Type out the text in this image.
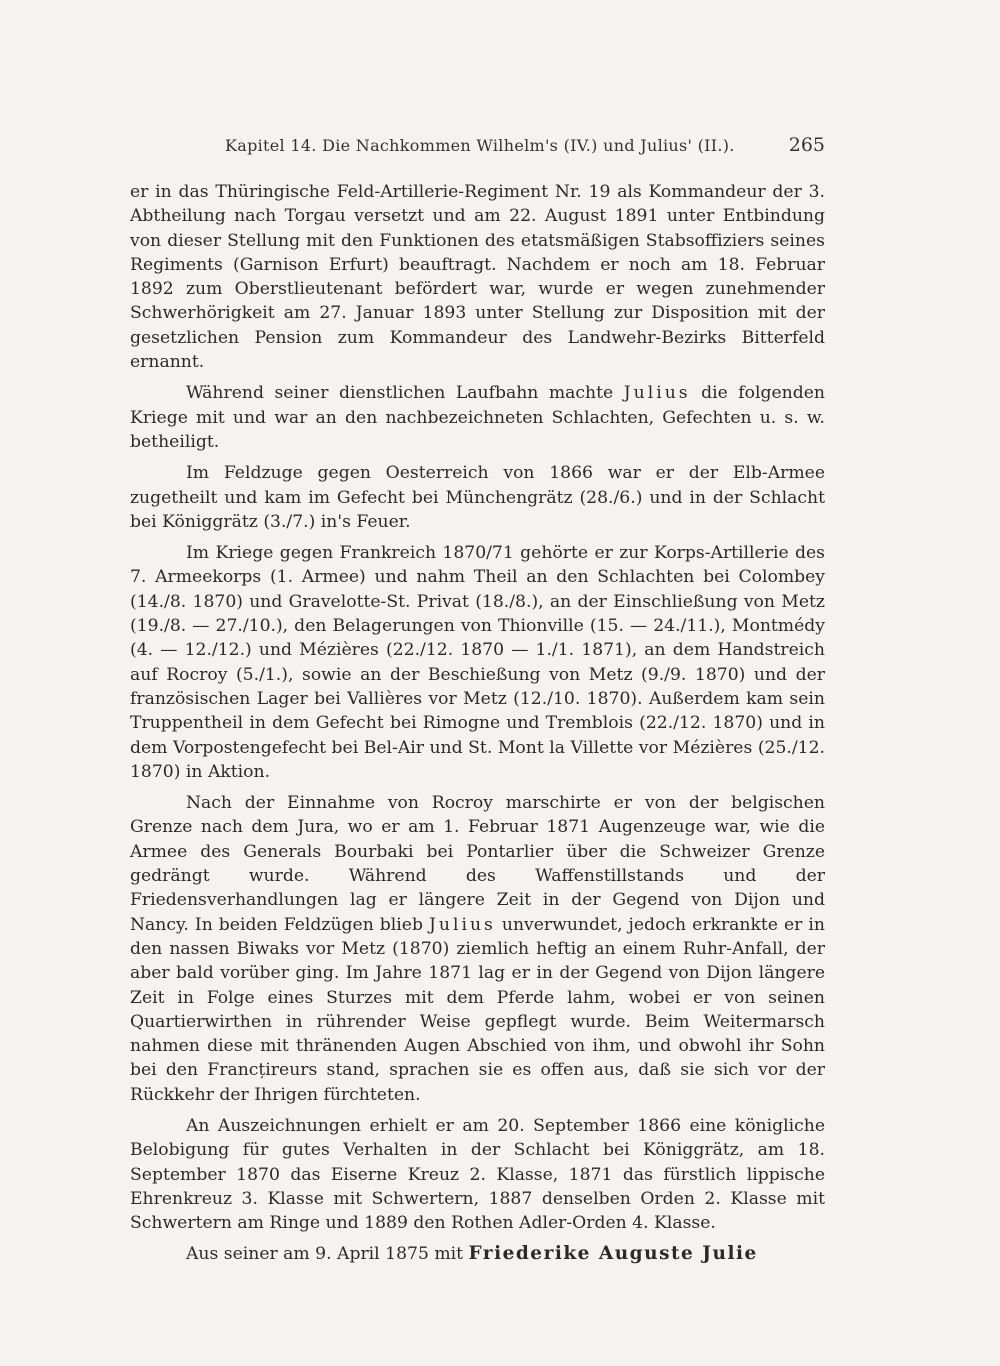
Kapitel 14. Die Nachkommen Wilhelm's (IV.) und Julius' (II.).	265

er in das Thüringische Feld-Artillerie-Regiment Nr. 19 als Kommandeur der 3. Abtheilung nach Torgau versetzt und am 22. August 1891 unter Entbindung von dieser Stellung mit den Funktionen des etatsmäßigen Stabsoffiziers seines Regiments (Garnison Erfurt) beauftragt. Nachdem er noch am 18. Februar 1892 zum Oberstlieutenant befördert war, wurde er wegen zunehmender Schwerhörigkeit am 27. Januar 1893 unter Stellung zur Disposition mit der gesetzlichen Pension zum Kommandeur des Landwehr-Bezirks Bitterfeld ernannt.

Während seiner dienstlichen Laufbahn machte Julius die folgenden Kriege mit und war an den nachbezeichneten Schlachten, Gefechten u. s. w. betheiligt.

Im Feldzuge gegen Oesterreich von 1866 war er der Elb-Armee zugetheilt und kam im Gefecht bei Münchengrätz (28./6.) und in der Schlacht bei Königgrätz (3./7.) in's Feuer.

Im Kriege gegen Frankreich 1870/71 gehörte er zur Korps-Artillerie des 7. Armeekorps (1. Armee) und nahm Theil an den Schlachten bei Colombey (14./8. 1870) und Gravelotte-St. Privat (18./8.), an der Einschließung von Metz (19./8. — 27./10.), den Belagerungen von Thionville (15. — 24./11.), Montmédy (4. — 12./12.) und Mézières (22./12. 1870 — 1./1. 1871), an dem Handstreich auf Rocroy (5./1.), sowie an der Beschießung von Metz (9./9. 1870) und der französischen Lager bei Vallières vor Metz (12./10. 1870). Außerdem kam sein Truppentheil in dem Gefecht bei Rimogne und Tremblois (22./12. 1870) und in dem Vorpostengefecht bei Bel-Air und St. Mont la Villette vor Mézières (25./12. 1870) in Aktion.

Nach der Einnahme von Rocroy marschirte er von der belgischen Grenze nach dem Jura, wo er am 1. Februar 1871 Augenzeuge war, wie die Armee des Generals Bourbaki bei Pontarlier über die Schweizer Grenze gedrängt wurde. Während des Waffenstillstands und der Friedensverhandlungen lag er längere Zeit in der Gegend von Dijon und Nancy. In beiden Feldzügen blieb Julius unverwundet, jedoch erkrankte er in den nassen Biwaks vor Metz (1870) ziemlich heftig an einem Ruhr-Anfall, der aber bald vorüber ging. Im Jahre 1871 lag er in der Gegend von Dijon längere Zeit in Folge eines Sturzes mit dem Pferde lahm, wobei er von seinen Quartierwirthen in rührender Weise gepflegt wurde. Beim Weitermarsch nahmen diese mit thränenden Augen Abschied von ihm, und obwohl ihr Sohn bei den Francțireurs stand, sprachen sie es offen aus, daß sie sich vor der Rückkehr der Ihrigen fürchteten.

An Auszeichnungen erhielt er am 20. September 1866 eine königliche Belobigung für gutes Verhalten in der Schlacht bei Königgrätz, am 18. September 1870 das Eiserne Kreuz 2. Klasse, 1871 das fürstlich lippische Ehrenkreuz 3. Klasse mit Schwertern, 1887 denselben Orden 2. Klasse mit Schwertern am Ringe und 1889 den Rothen Adler-Orden 4. Klasse.

Aus seiner am 9. April 1875 mit Friederike Auguste Julie
